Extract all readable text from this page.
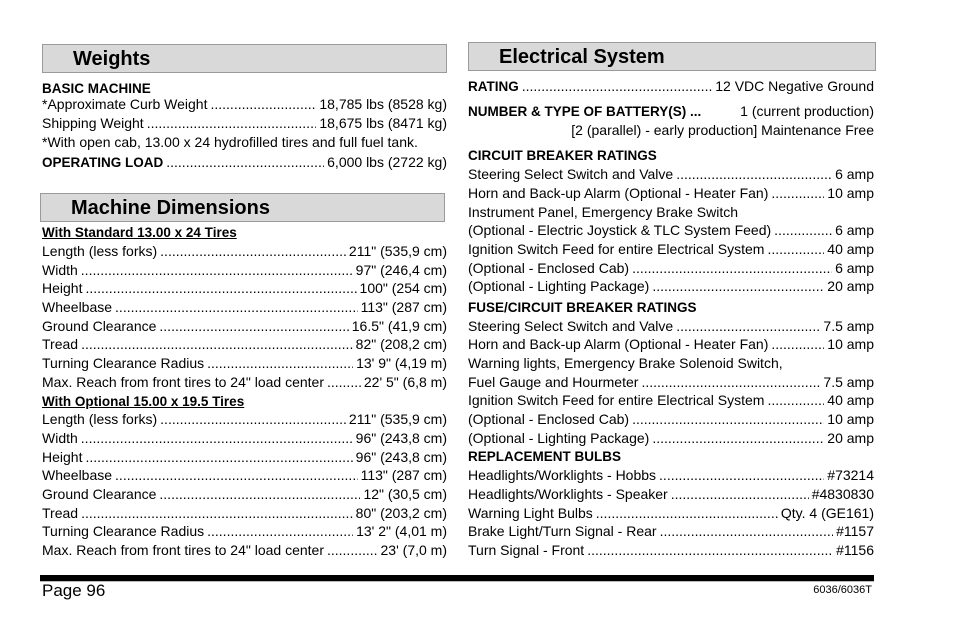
Weights
BASIC MACHINE
*Approximate Curb Weight .....	18,785 lbs (8528 kg)
Shipping Weight .....	18,675 lbs (8471 kg)
*With open cab, 13.00 x 24 hydrofilled tires and full fuel tank.
OPERATING LOAD .....	6,000 lbs (2722 kg)
Machine Dimensions
With Standard 13.00 x 24 Tires
Length (less forks) .....	211" (535,9 cm)
Width .....	97" (246,4 cm)
Height .....	100" (254 cm)
Wheelbase .....	113" (287 cm)
Ground Clearance .....	16.5" (41,9 cm)
Tread .....	82" (208,2 cm)
Turning Clearance Radius .....	13' 9" (4,19 m)
Max. Reach from front tires to 24" load center .....	22' 5" (6,8 m)
With Optional 15.00 x 19.5 Tires
Length (less forks) .....	211" (535,9 cm)
Width .....	96" (243,8 cm)
Height .....	96" (243,8 cm)
Wheelbase .....	113" (287 cm)
Ground Clearance .....	12" (30,5 cm)
Tread .....	80" (203,2 cm)
Turning Clearance Radius .....	13' 2" (4,01 m)
Max. Reach from front tires to 24" load center .....	23' (7,0 m)
Electrical System
RATING .....	12 VDC Negative Ground
NUMBER & TYPE OF BATTERY(S) ...	1 (current production)
[2 (parallel) - early production] Maintenance Free
CIRCUIT BREAKER RATINGS
Steering Select Switch and Valve .....	6 amp
Horn and Back-up Alarm (Optional - Heater Fan) .....	10 amp
Instrument Panel, Emergency Brake Switch
(Optional - Electric Joystick & TLC System Feed) .....	6 amp
Ignition Switch Feed for entire Electrical System .....	40 amp
(Optional - Enclosed Cab) .....	6 amp
(Optional - Lighting Package) .....	20 amp
FUSE/CIRCUIT BREAKER RATINGS
Steering Select Switch and Valve .....	7.5 amp
Horn and Back-up Alarm (Optional - Heater Fan) .....	10 amp
Warning lights, Emergency Brake Solenoid Switch,
Fuel Gauge and Hourmeter .....	7.5 amp
Ignition Switch Feed for entire Electrical System .....	40 amp
(Optional - Enclosed Cab) .....	10 amp
(Optional - Lighting Package) .....	20 amp
REPLACEMENT BULBS
Headlights/Worklights - Hobbs .....	#73214
Headlights/Worklights - Speaker .....	#4830830
Warning Light Bulbs .....	Qty. 4 (GE161)
Brake Light/Turn Signal - Rear .....	#1157
Turn Signal - Front .....	#1156
Page 96	6036/6036T
